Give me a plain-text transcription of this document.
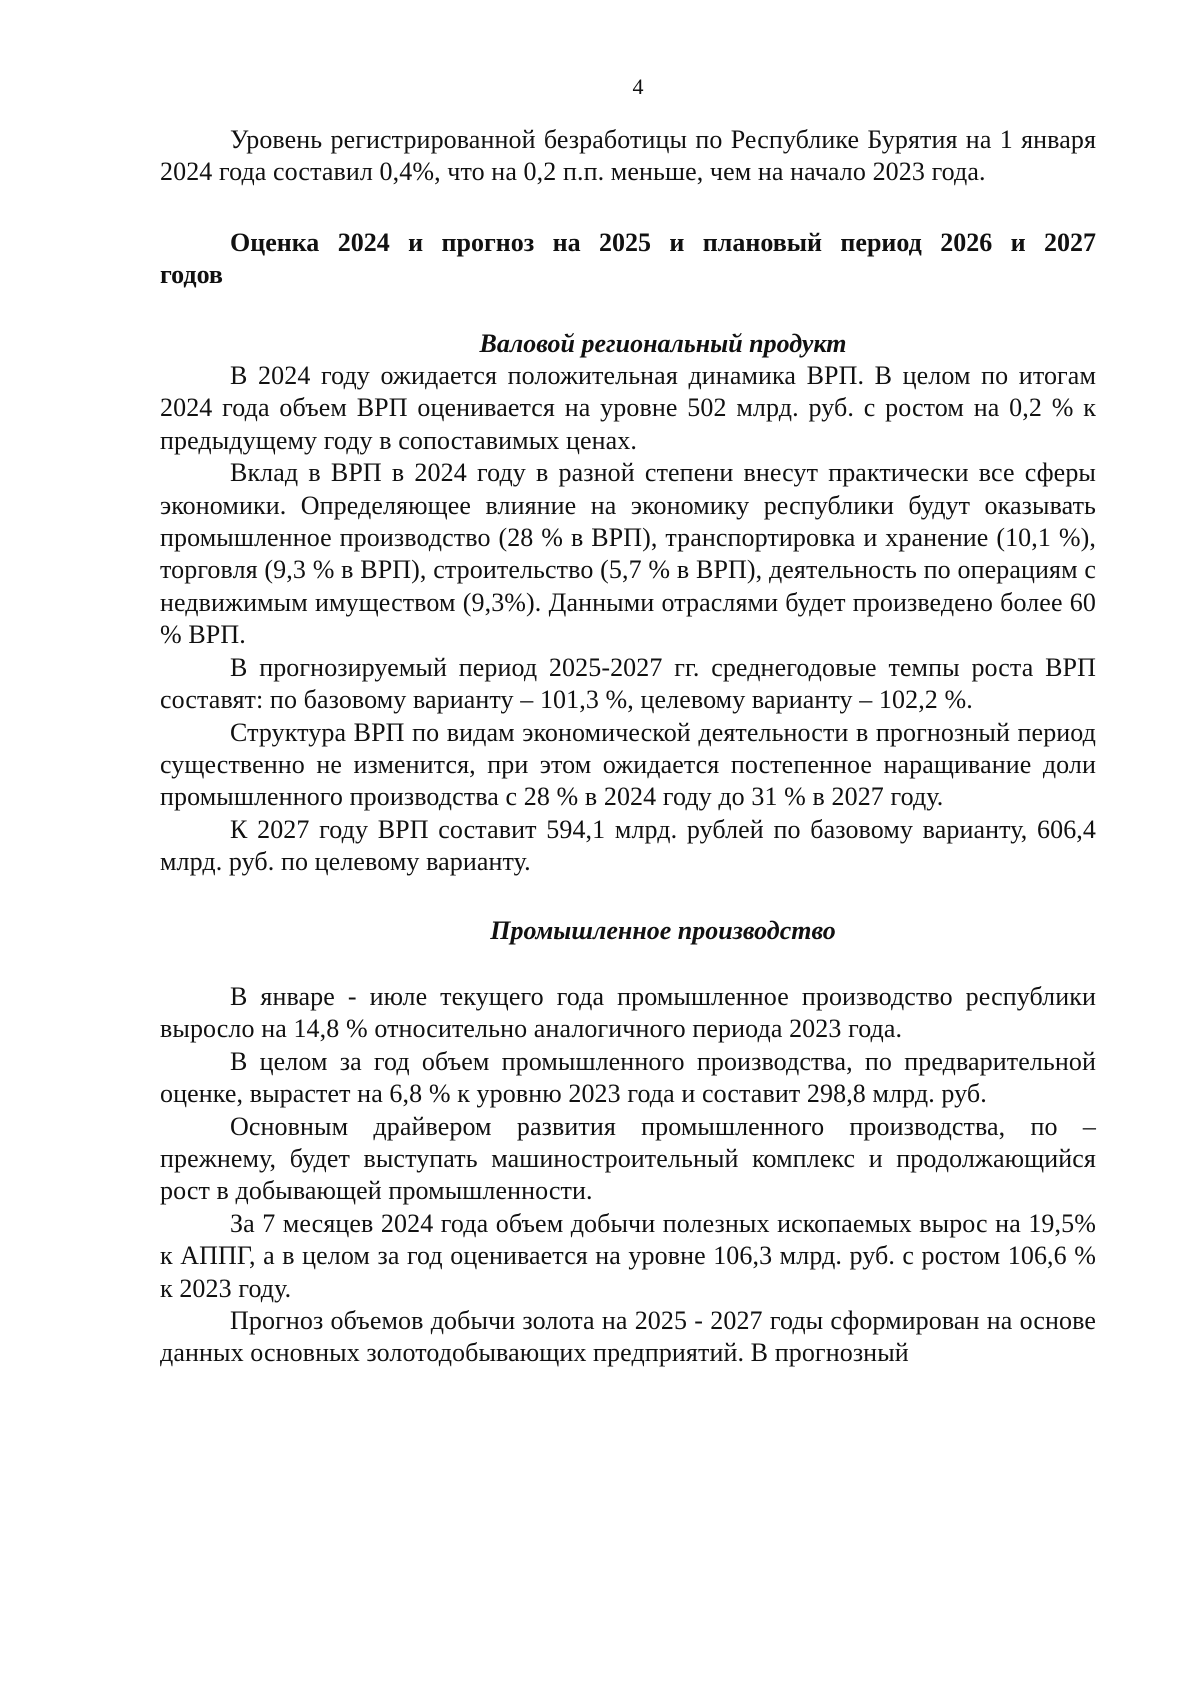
4

Уровень регистрированной безработицы по Республике Бурятия на 1 января 2024 года составил 0,4%, что на 0,2 п.п. меньше, чем на начало 2023 года.

Оценка 2024 и прогноз на 2025 и плановый период 2026 и 2027 годов
Валовой региональный продукт

В 2024 году ожидается положительная динамика ВРП. В целом по итогам 2024 года объем ВРП оценивается на уровне 502 млрд. руб. с ростом на 0,2 % к предыдущему году в сопоставимых ценах.

Вклад в ВРП в 2024 году в разной степени внесут практически все сферы экономики. Определяющее влияние на экономику республики будут оказывать промышленное производство (28 % в ВРП), транспортировка и хранение (10,1 %), торговля (9,3 % в ВРП), строительство (5,7 % в ВРП), деятельность по операциям с недвижимым имуществом (9,3%). Данными отраслями будет произведено более 60 % ВРП.

В прогнозируемый период 2025-2027 гг. среднегодовые темпы роста ВРП составят: по базовому варианту – 101,3 %, целевому варианту – 102,2 %.

Структура ВРП по видам экономической деятельности в прогнозный период существенно не изменится, при этом ожидается постепенное наращивание доли промышленного производства с 28 % в 2024 году до 31 % в 2027 году.

К 2027 году ВРП составит 594,1 млрд. рублей по базовому варианту, 606,4 млрд. руб. по целевому варианту.

Промышленное производство

В январе - июле текущего года промышленное производство республики выросло на 14,8 % относительно аналогичного периода 2023 года.

В целом за год объем промышленного производства, по предварительной оценке, вырастет на 6,8 % к уровню 2023 года и составит 298,8 млрд. руб.

Основным драйвером развития промышленного производства, по – прежнему, будет выступать машиностроительный комплекс и продолжающийся рост в добывающей промышленности.

За 7 месяцев 2024 года объем добычи полезных ископаемых вырос на 19,5% к АППГ, а в целом за год оценивается на уровне 106,3 млрд. руб. с ростом 106,6 % к 2023 году.

Прогноз объемов добычи золота на 2025 - 2027 годы сформирован на основе данных основных золотодобывающих предприятий. В прогнозный
